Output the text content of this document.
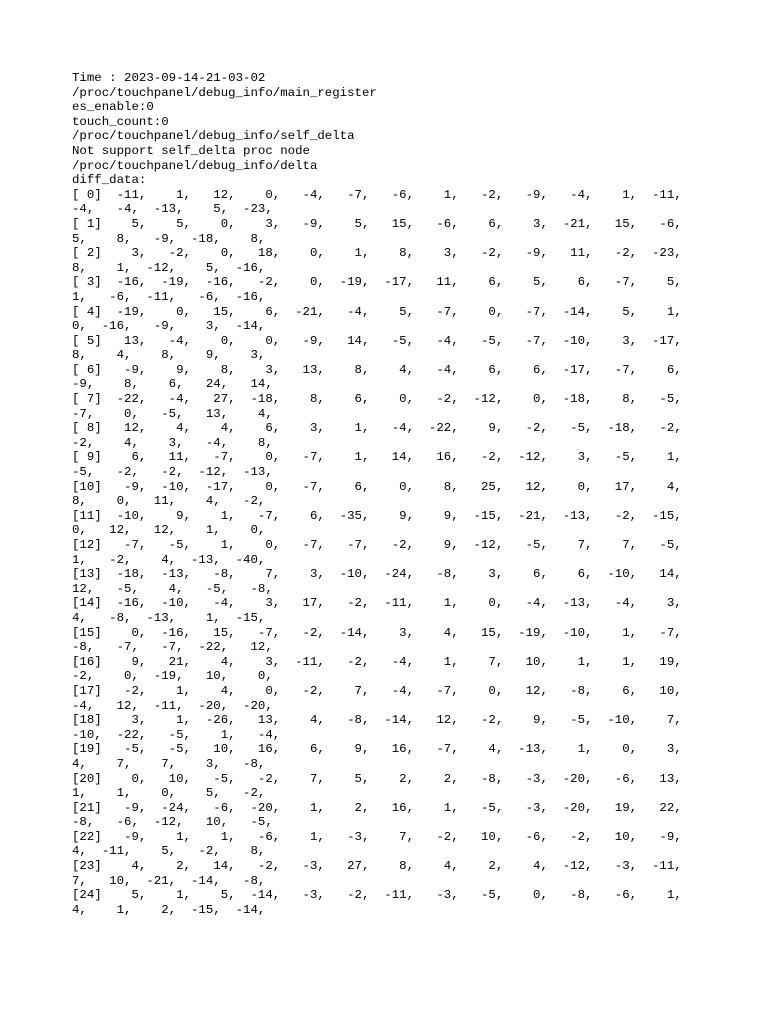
Time : 2023-09-14-21-03-02
/proc/touchpanel/debug_info/main_register
es_enable:0
touch_count:0
/proc/touchpanel/debug_info/self_delta
Not support self_delta proc node
/proc/touchpanel/debug_info/delta
diff_data:
[ 0]  -11,    1,   12,    0,   -4,   -7,   -6,    1,   -2,   -9,   -4,    1,  -11,
-4,   -4,  -13,    5,  -23,
[ 1]    5,    5,    0,    3,   -9,    5,   15,   -6,    6,    3,  -21,   15,   -6,
5,    8,   -9,  -18,    8,
[ 2]    3,   -2,    0,   18,    0,    1,    8,    3,   -2,   -9,   11,   -2,  -23,
8,    1,  -12,    5,  -16,
[ 3]  -16,  -19,  -16,   -2,    0,  -19,  -17,   11,    6,    5,    6,   -7,    5,
1,   -6,  -11,   -6,  -16,
[ 4]  -19,    0,   15,    6,  -21,   -4,    5,   -7,    0,   -7,  -14,    5,    1,
0,  -16,   -9,    3,  -14,
[ 5]   13,   -4,    0,    0,   -9,   14,   -5,   -4,   -5,   -7,  -10,    3,  -17,
8,    4,    8,    9,    3,
[ 6]   -9,    9,    8,    3,   13,    8,    4,   -4,    6,    6,  -17,   -7,    6,
-9,    8,    6,   24,   14,
[ 7]  -22,   -4,   27,  -18,    8,    6,    0,   -2,  -12,    0,  -18,    8,   -5,
-7,    0,   -5,   13,    4,
[ 8]   12,    4,    4,    6,    3,    1,   -4,  -22,    9,   -2,   -5,  -18,   -2,
-2,    4,    3,   -4,    8,
[ 9]    6,   11,   -7,    0,   -7,    1,   14,   16,   -2,  -12,    3,   -5,    1,
-5,   -2,   -2,  -12,  -13,
[10]   -9,  -10,  -17,    0,   -7,    6,    0,    8,   25,   12,    0,   17,    4,
8,    0,   11,    4,   -2,
[11]  -10,    9,    1,   -7,    6,  -35,    9,    9,  -15,  -21,  -13,   -2,  -15,
0,   12,   12,    1,    0,
[12]   -7,   -5,    1,    0,   -7,   -7,   -2,    9,  -12,   -5,    7,    7,   -5,
1,   -2,    4,  -13,  -40,
[13]  -18,  -13,   -8,    7,    3,  -10,  -24,   -8,    3,    6,    6,  -10,   14,
12,   -5,    4,   -5,   -8,
[14]  -16,  -10,   -4,    3,   17,   -2,  -11,    1,    0,   -4,  -13,   -4,    3,
4,   -8,  -13,    1,  -15,
[15]    0,  -16,   15,   -7,   -2,  -14,    3,    4,   15,  -19,  -10,    1,   -7,
-8,   -7,   -7,  -22,   12,
[16]    9,   21,    4,    3,  -11,   -2,   -4,    1,    7,   10,    1,    1,   19,
-2,    0,  -19,   10,    0,
[17]   -2,    1,    4,    0,   -2,    7,   -4,   -7,    0,   12,   -8,    6,   10,
-4,   12,  -11,  -20,  -20,
[18]    3,    1,  -26,   13,    4,   -8,  -14,   12,   -2,    9,   -5,  -10,    7,
-10,  -22,   -5,    1,   -4,
[19]   -5,   -5,   10,   16,    6,    9,   16,   -7,    4,  -13,    1,    0,    3,
4,    7,    7,    3,   -8,
[20]    0,   10,   -5,   -2,    7,    5,    2,    2,   -8,   -3,  -20,   -6,   13,
1,    1,    0,    5,   -2,
[21]   -9,  -24,   -6,  -20,    1,    2,   16,    1,   -5,   -3,  -20,   19,   22,
-8,   -6,  -12,   10,   -5,
[22]   -9,    1,    1,   -6,    1,   -3,    7,   -2,   10,   -6,   -2,   10,   -9,
4,  -11,    5,   -2,    8,
[23]    4,    2,   14,   -2,   -3,   27,    8,    4,    2,    4,  -12,   -3,  -11,
7,   10,  -21,  -14,   -8,
[24]    5,    1,    5,  -14,   -3,   -2,  -11,   -3,   -5,    0,   -8,   -6,    1,
4,    1,    2,  -15,  -14,
